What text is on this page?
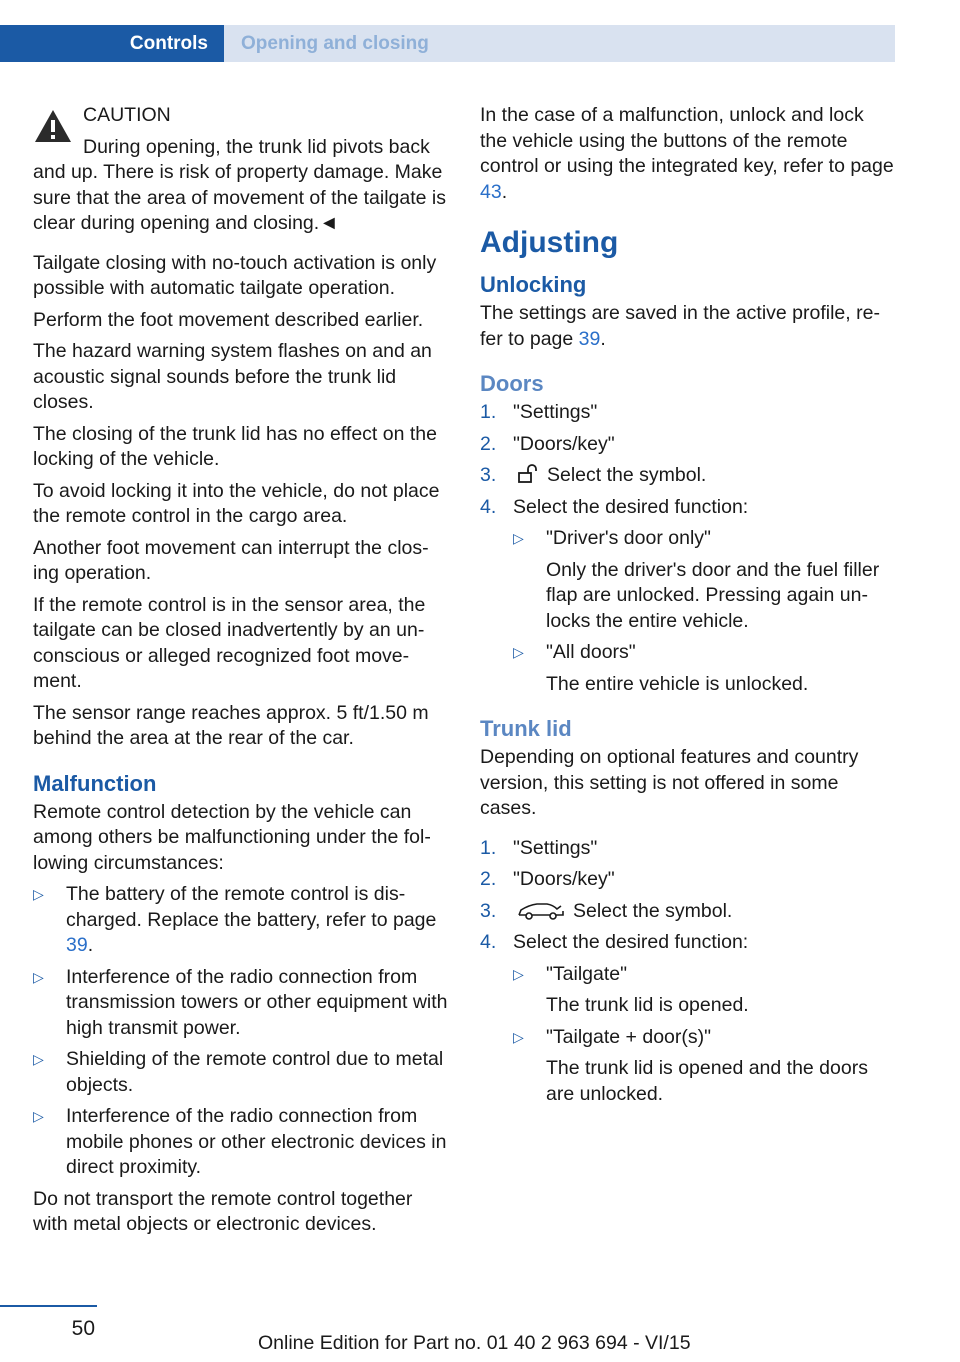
Controls	Opening and closing
CAUTION
During opening, the trunk lid pivots back
and up. There is risk of property damage. Make sure that the area of movement of the tailgate is clear during opening and closing.◄

Tailgate closing with no-touch activation is only possible with automatic tailgate operation.

Perform the foot movement described earlier.

The hazard warning system flashes on and an acoustic signal sounds before the trunk lid closes.

The closing of the trunk lid has no effect on the locking of the vehicle.

To avoid locking it into the vehicle, do not place the remote control in the cargo area.

Another foot movement can interrupt the clos‐ ing operation.

If the remote control is in the sensor area, the tailgate can be closed inadvertently by an un‐ conscious or alleged recognized foot move‐ ment.

The sensor range reaches approx. 5 ft/1.50 m behind the area at the rear of the car.

Malfunction

Remote control detection by the vehicle can among others be malfunctioning under the fol‐ lowing circumstances:

▷ The battery of the remote control is dis‐ charged. Replace the battery, refer to page 39.
▷ Interference of the radio connection from transmission towers or other equipment with high transmit power.
▷ Shielding of the remote control due to metal objects.
▷ Interference of the radio connection from mobile phones or other electronic devices in direct proximity.

Do not transport the remote control together with metal objects or electronic devices.

In the case of a malfunction, unlock and lock the vehicle using the buttons of the remote control or using the integrated key, refer to page 43.

Adjusting
Unlocking

The settings are saved in the active profile, re‐ fer to page 39.

Doors
1. "Settings"
2. "Doors/key"
3.	Select the symbol.
4. Select the desired function:
▷ "Driver's door only"
Only the driver's door and the fuel filler flap are unlocked. Pressing again un‐ locks the entire vehicle.
▷ "All doors"
The entire vehicle is unlocked.
Trunk lid

Depending on optional features and country version, this setting is not offered in some cases.

1. "Settings"
2. "Doors/key"
3.	Select the symbol.
4. Select the desired function:
▷ "Tailgate"
The trunk lid is opened.
▷ "Tailgate + door(s)"
The trunk lid is opened and the doors are unlocked.
50
Online Edition for Part no. 01 40 2 963 694 - VI/15
